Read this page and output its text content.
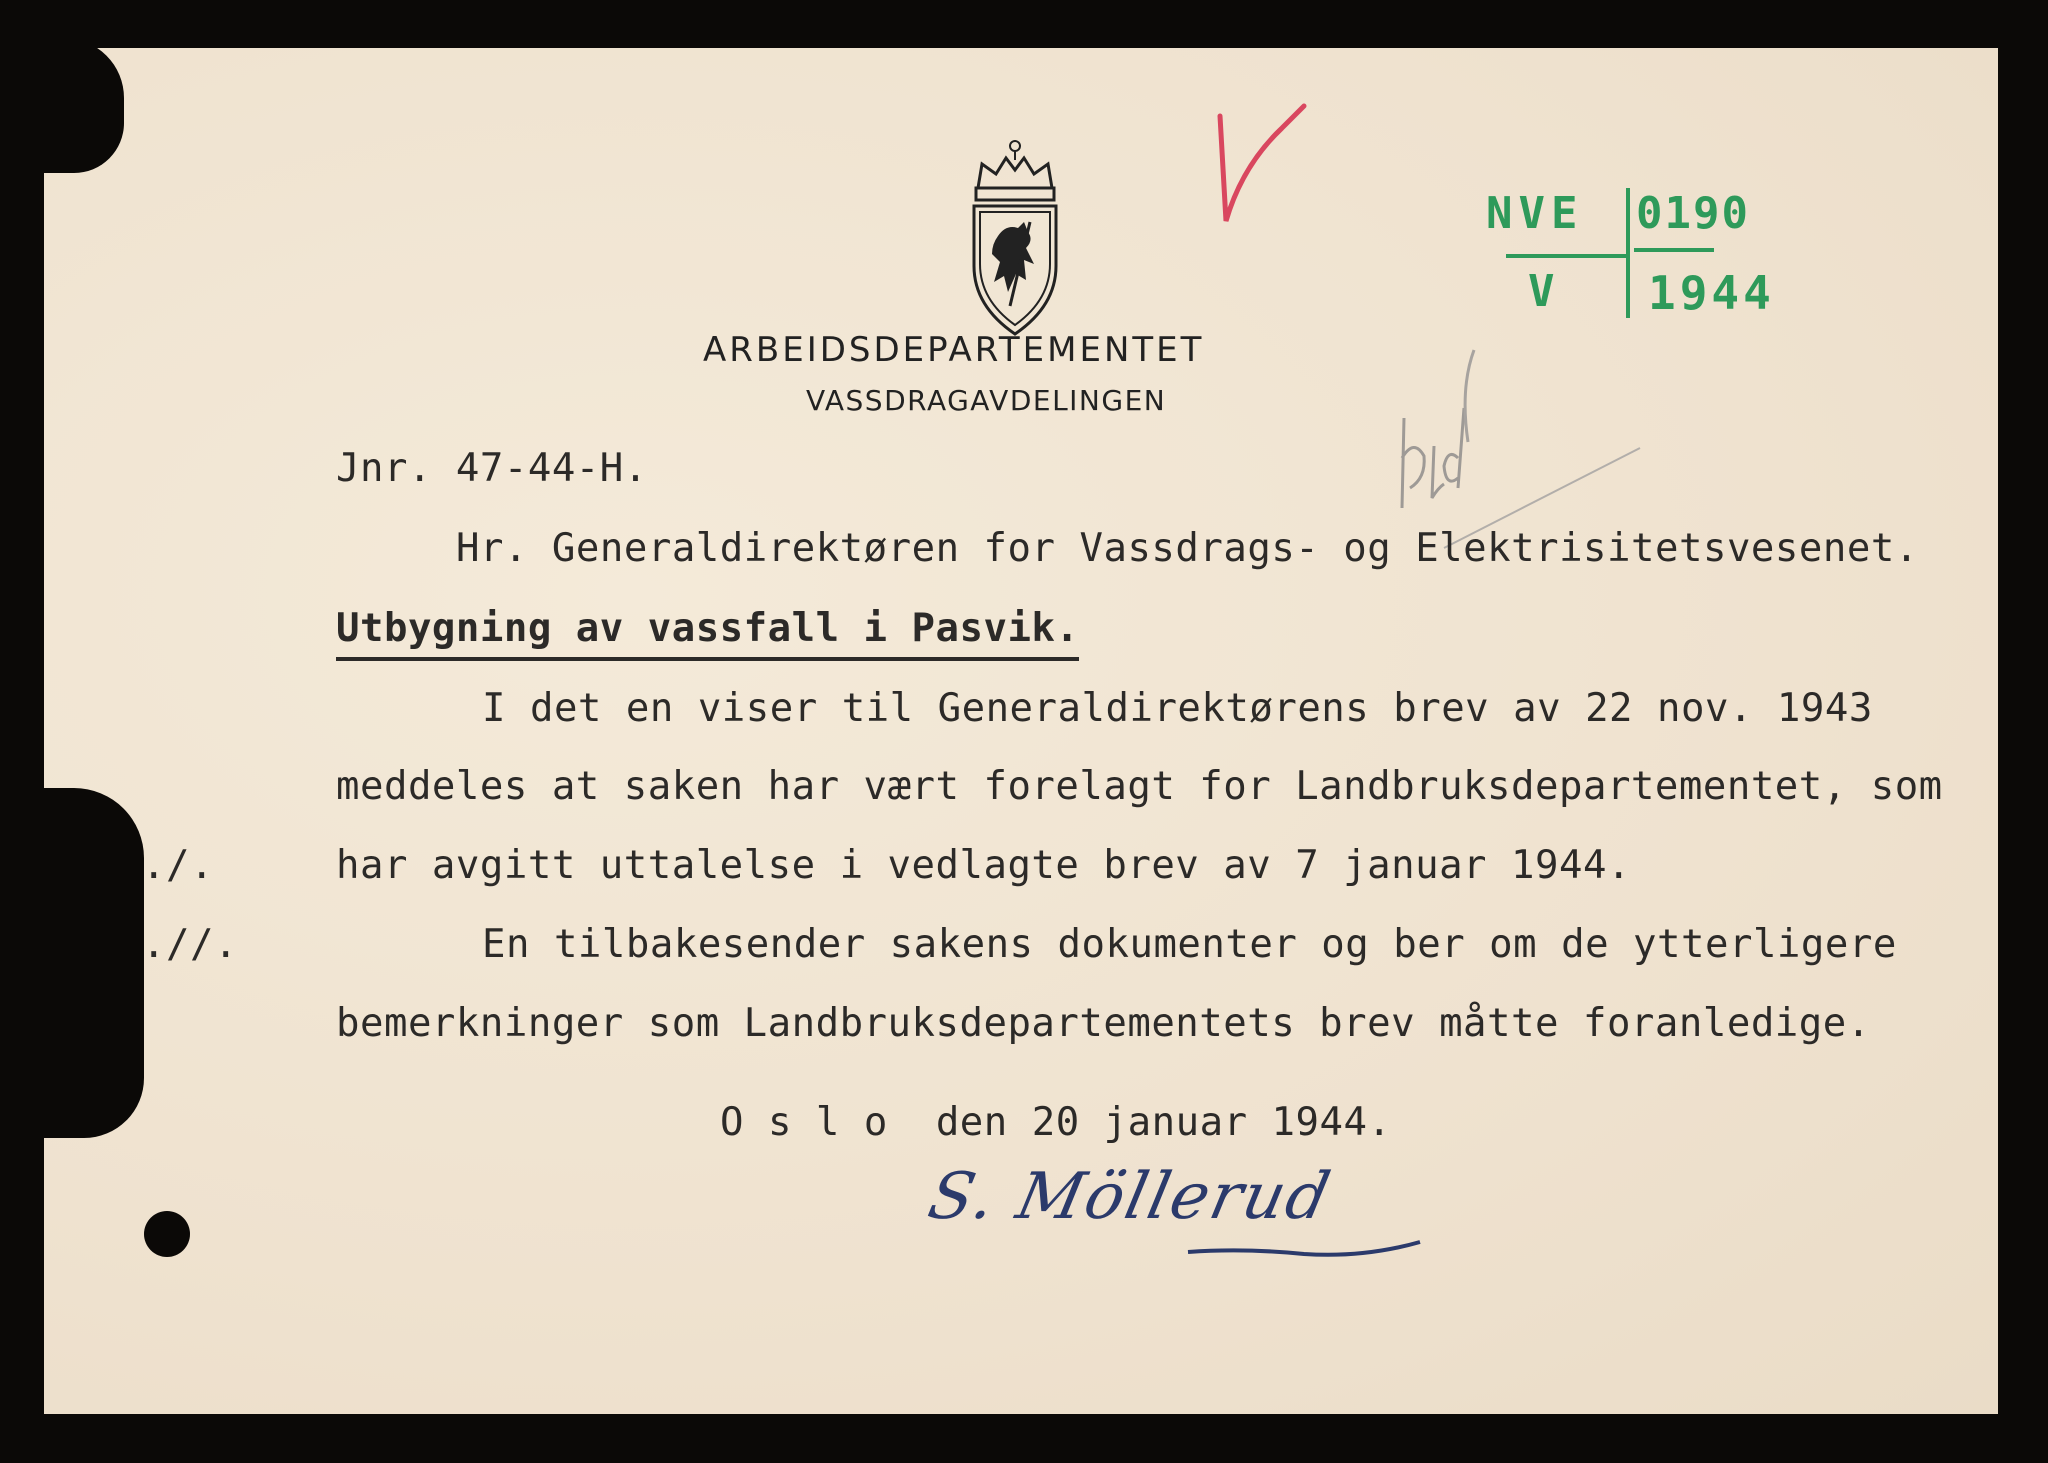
ARBEIDSDEPARTEMENTET
VASSDRAGAVDELINGEN
NVE 0190
V 1944
Jnr. 47-44-H.
Hr. Generaldirektøren for Vassdrags- og Elektrisitetsvesenet.
Utbygning av vassfall i Pasvik.
I det en viser til Generaldirektørens brev av 22 nov. 1943
meddeles at saken har vært forelagt for Landbruksdepartementet, som
har avgitt uttalelse i vedlagte brev av 7 januar 1944.
En tilbakesender sakens dokumenter og ber om de ytterligere
bemerkninger som Landbruksdepartementets brev måtte foranledige.
./.
.//.
O s l o  den 20 januar 1944.
S. Möllerud
